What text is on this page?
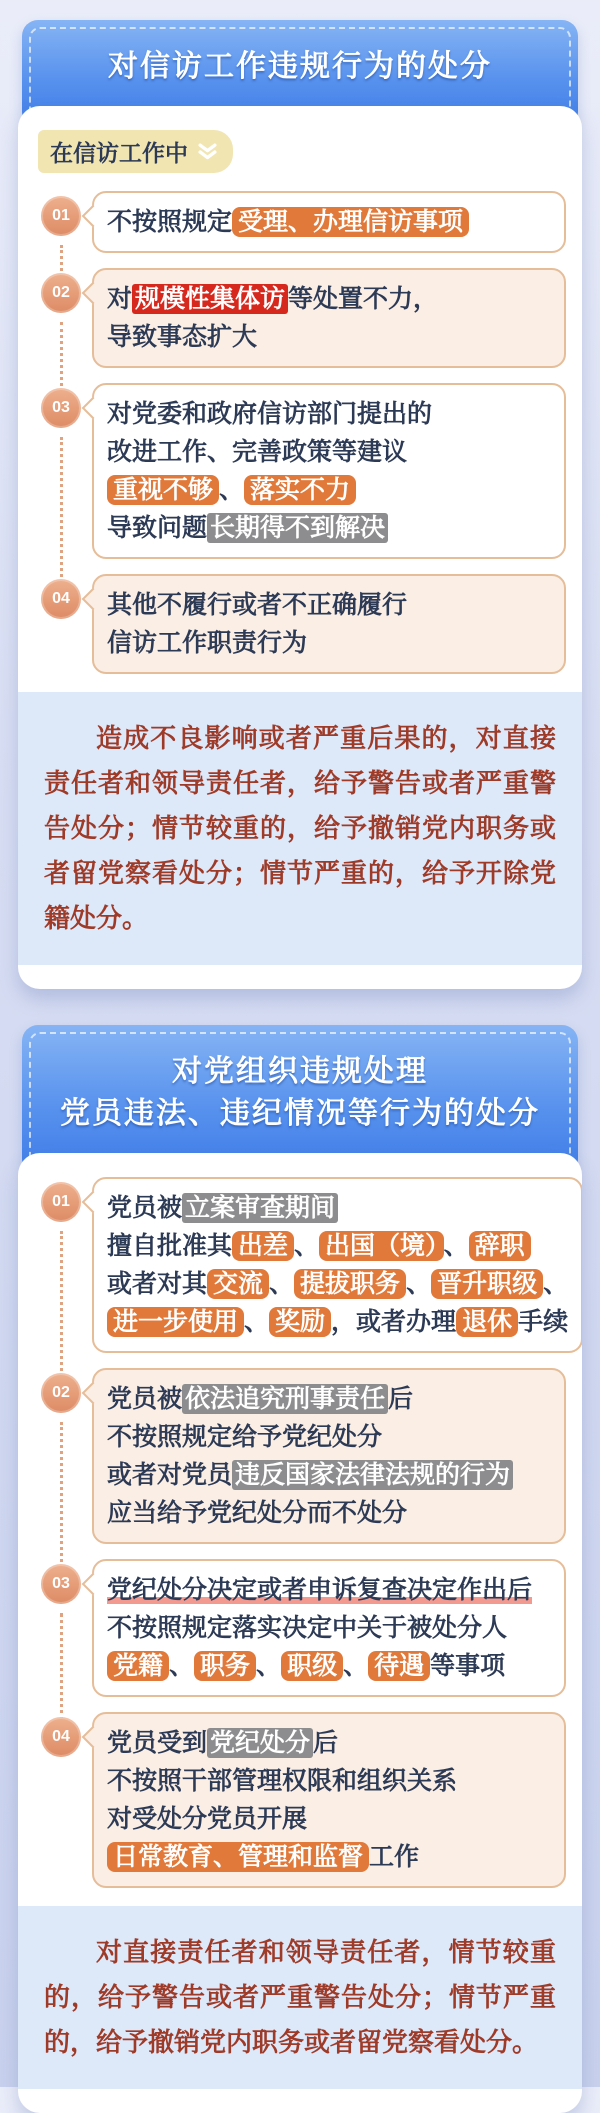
对信访工作违规行为的处分
在信访工作中
01	不按照规定 受理、办理信访事项
02	对 规模性集体访 等处置不力，
导致事态扩大
03	对党委和政府信访部门提出的
改进工作、完善政策等建议
重视不够 、 落实不力
导致问题 长期得不到解决
04	其他不履行或者不正确履行
信访工作职责行为

造成不良影响或者严重后果的，对直接责任者和领导责任者，给予警告或者严重警告处分；情节较重的，给予撤销党内职务或者留党察看处分；情节严重的，给予开除党籍处分。

对党组织违规处理
党员违法、违纪情况等行为的处分
01	党员被 立案审查期间
擅自批准其 出差 、 出国（境） 、 辞职
或者对其 交流 、 提拔职务 、 晋升职级 、
进一步使用 、 奖励 ，或者办理 退休 手续
02	党员被 依法追究刑事责任 后
不按照规定给予党纪处分
或者对党员 违反国家法律法规的行为
应当给予党纪处分而不处分
03	党纪处分决定或者申诉复查决定作出后
不按照规定落实决定中关于被处分人
党籍 、 职务 、 职级 、 待遇 等事项
04	党员受到 党纪处分 后
不按照干部管理权限和组织关系
对受处分党员开展
日常教育、管理和监督 工作

对直接责任者和领导责任者，情节较重的，给予警告或者严重警告处分；情节严重的，给予撤销党内职务或者留党察看处分。
